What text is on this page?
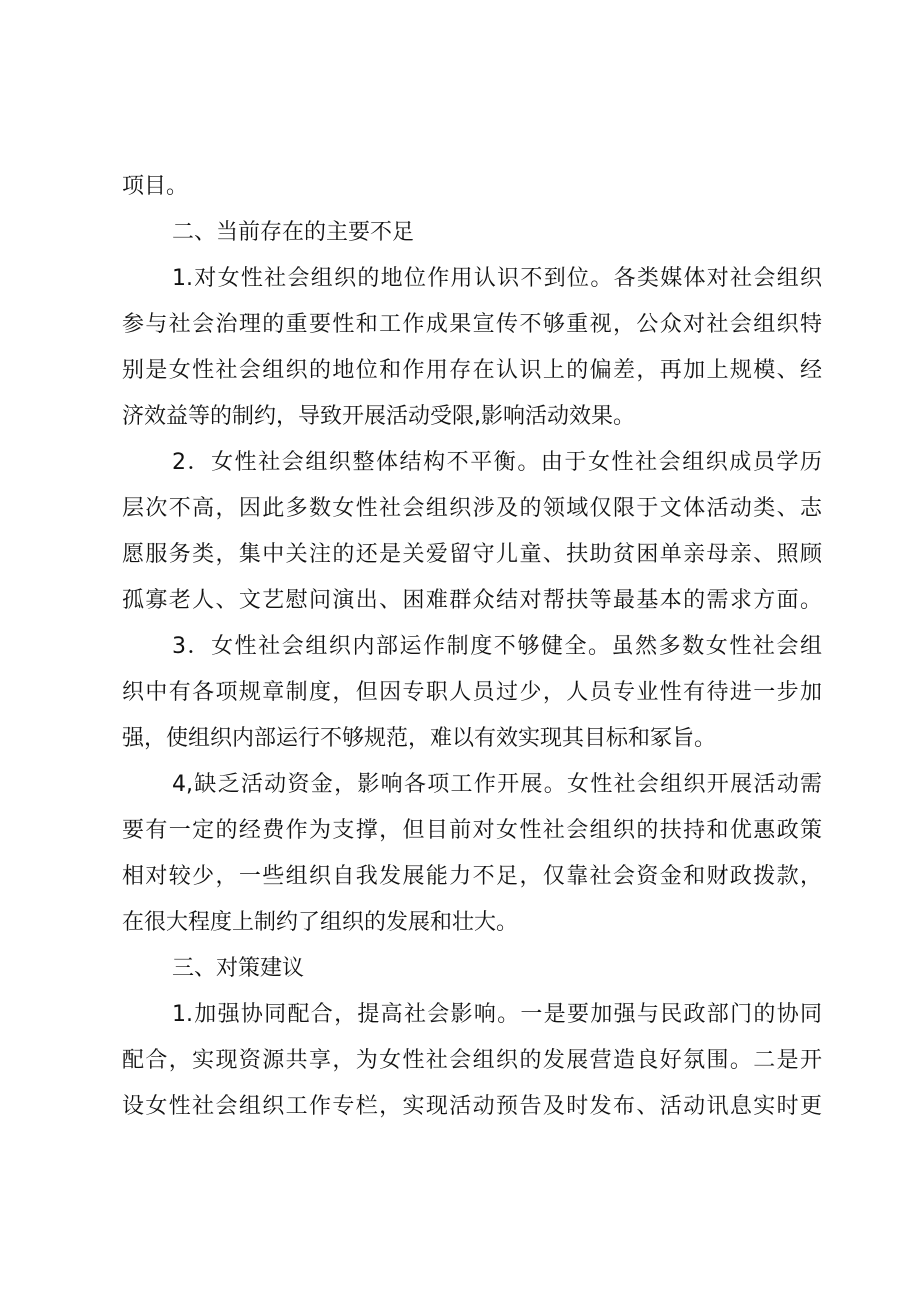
项目。
二、当前存在的主要不足
1.对女性社会组织的地位作用认识不到位。各类媒体对社会组织
参与社会治理的重要性和工作成果宣传不够重视，公众对社会组织特
别是女性社会组织的地位和作用存在认识上的偏差，再加上规模、经
济效益等的制约，导致开展活动受限,影响活动效果。
2．女性社会组织整体结构不平衡。由于女性社会组织成员学历
层次不高，因此多数女性社会组织涉及的领域仅限于文体活动类、志
愿服务类，集中关注的还是关爱留守儿童、扶助贫困单亲母亲、照顾
孤寡老人、文艺慰问演出、困难群众结对帮扶等最基本的需求方面。
3．女性社会组织内部运作制度不够健全。虽然多数女性社会组
织中有各项规章制度，但因专职人员过少，人员专业性有待进一步加
强，使组织内部运行不够规范，难以有效实现其目标和冢旨。
4,缺乏活动资金，影响各项工作开展。女性社会组织开展活动需
要有一定的经费作为支撑，但目前对女性社会组织的扶持和优惠政策
相对较少，一些组织自我发展能力不足，仅靠社会资金和财政拨款，
在很大程度上制约了组织的发展和壮大。
三、对策建议
1.加强协同配合，提高社会影响。一是要加强与民政部门的协同
配合，实现资源共享，为女性社会组织的发展营造良好氛围。二是开
设女性社会组织工作专栏，实现活动预告及时发布、活动讯息实时更
